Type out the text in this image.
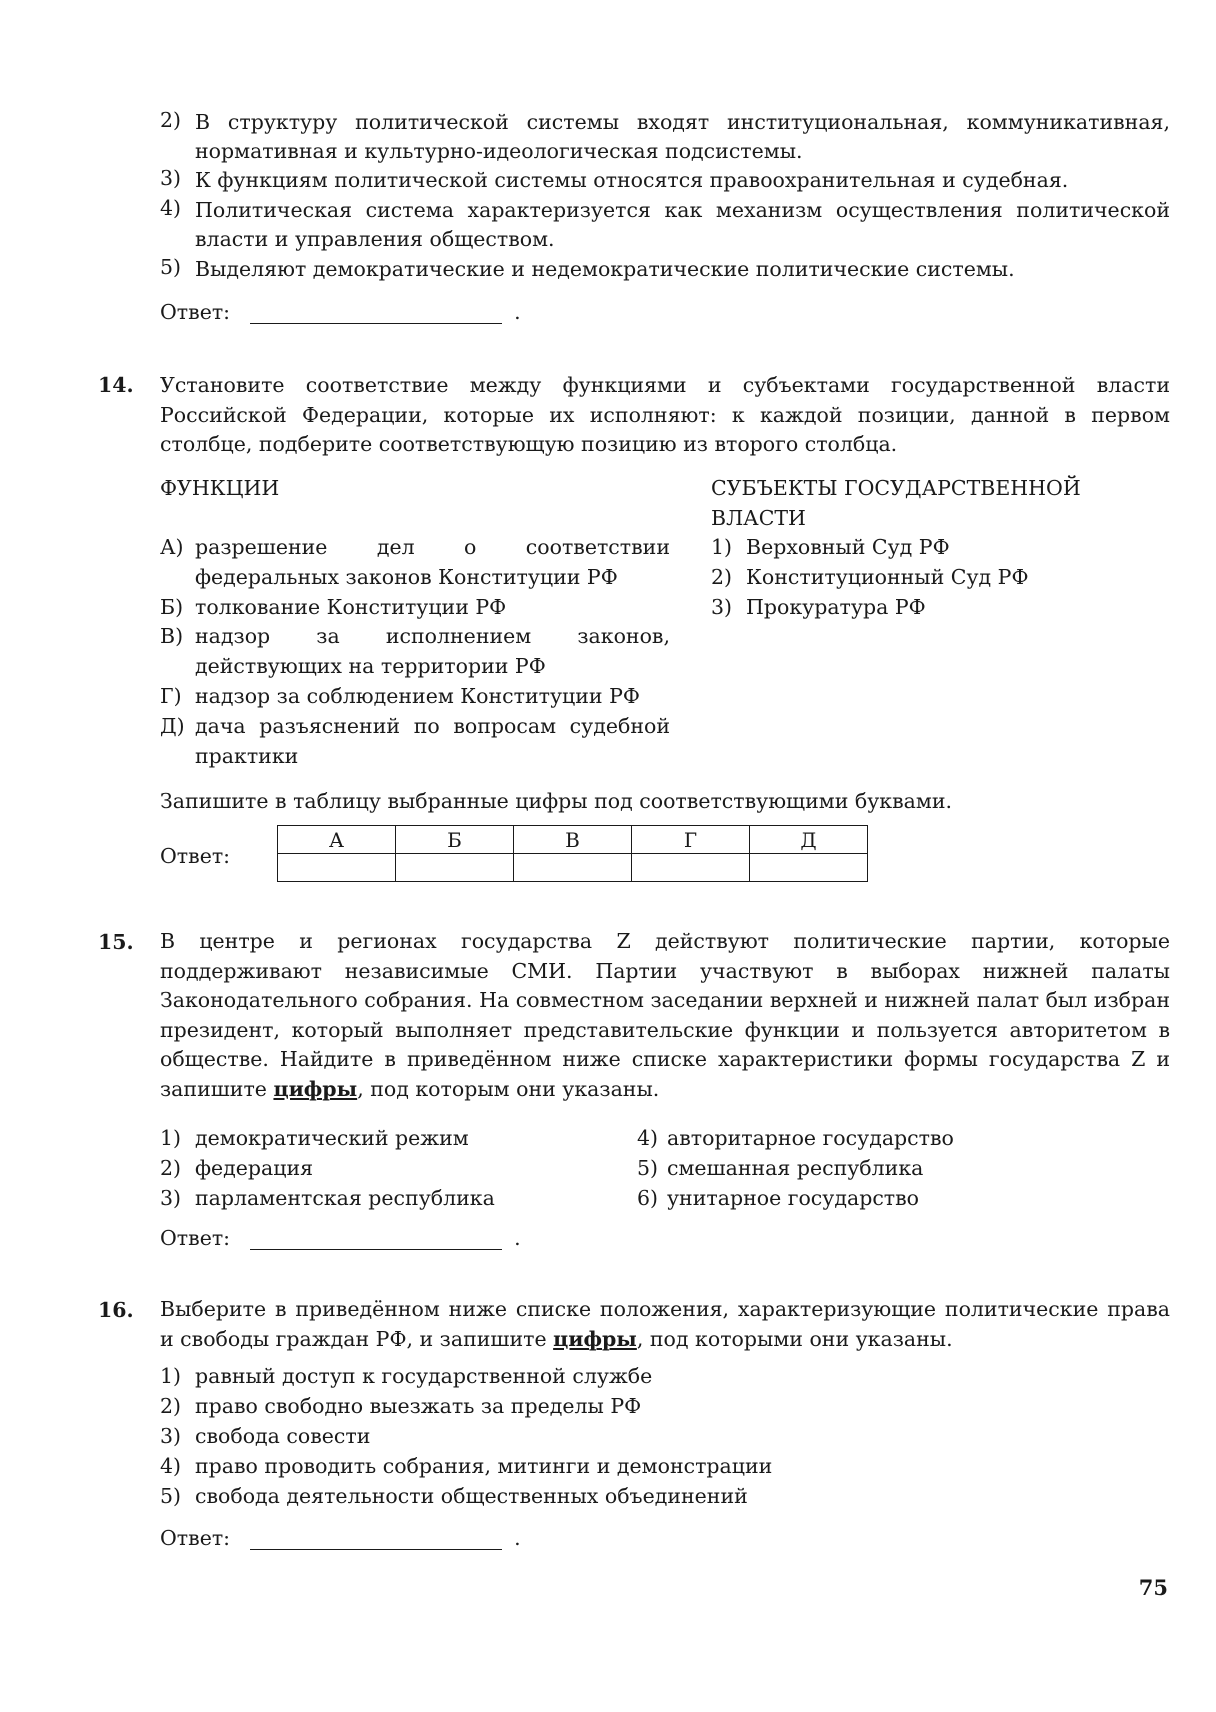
2) В структуру политической системы входят институциональная, коммуникативная, нормативная и культурно-идеологическая подсистемы.
3) К функциям политической системы относятся правоохранительная и судебная.
4) Политическая система характеризуется как механизм осуществления политической власти и управления обществом.
5) Выделяют демократические и недемократические политические системы.
Ответ:	.
14. Установите соответствие между функциями и субъектами государственной власти Российской Федерации, которые их исполняют: к каждой позиции, данной в первом столбце, подберите соответствующую позицию из второго столбца.
ФУНКЦИИ	СУБЪЕКТЫ ГОСУДАРСТВЕННОЙ ВЛАСТИ
А) разрешение дел о соответствии федеральных законов Конституции РФ
Б) толкование Конституции РФ
В) надзор за исполнением законов, действующих на территории РФ
Г) надзор за соблюдением Конституции РФ
Д) дача разъяснений по вопросам судебной практики
1) Верховный Суд РФ
2) Конституционный Суд РФ
3) Прокуратура РФ
Запишите в таблицу выбранные цифры под соответствующими буквами.
Ответ:
А	Б	В	Г	Д

15. В центре и регионах государства Z действуют политические партии, которые поддерживают независимые СМИ. Партии участвуют в выборах нижней палаты Законодательного собрания. На совместном заседании верхней и нижней палат был избран президент, который выполняет представительские функции и пользуется авторитетом в обществе. Найдите в приведённом ниже списке характеристики формы государства Z и запишите цифры, под которым они указаны.
1) демократический режим
2) федерация
3) парламентская республика
4) авторитарное государство
5) смешанная республика
6) унитарное государство
Ответ:	.
16. Выберите в приведённом ниже списке положения, характеризующие политические права и свободы граждан РФ, и запишите цифры, под которыми они указаны.
1) равный доступ к государственной службе
2) право свободно выезжать за пределы РФ
3) свобода совести
4) право проводить собрания, митинги и демонстрации
5) свобода деятельности общественных объединений
Ответ:	.
75
